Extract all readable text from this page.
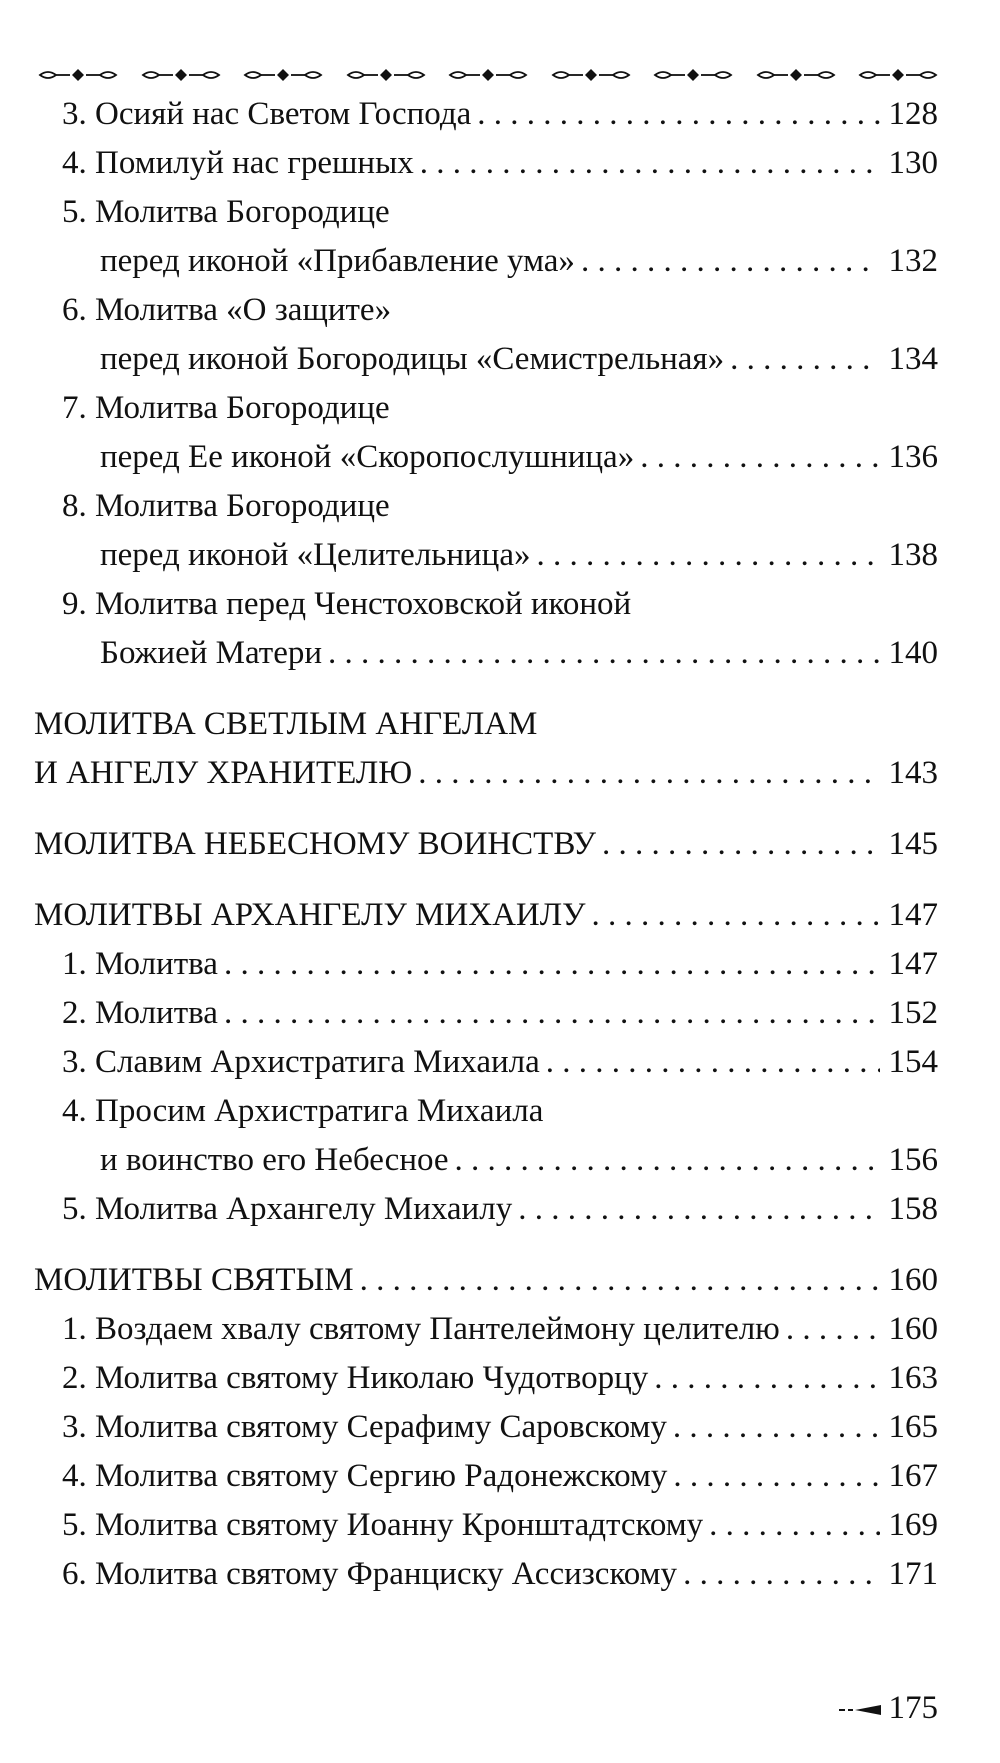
3. Осияй нас Светом Господа . . .	128
4. Помилуй нас грешных . . .	130
5. Молитва Богородице
перед иконой «Прибавление ума» . . .	132
6. Молитва «О защите»
перед иконой Богородицы «Семистрельная» . . .	134
7. Молитва Богородице
перед Ее иконой «Скоропослушница» . . .	136
8. Молитва Богородице
перед иконой «Целительница» . . .	138
9. Молитва перед Ченстоховской иконой
Божией Матери . . .	140
МОЛИТВА СВЕТЛЫМ АНГЕЛАМ
И АНГЕЛУ ХРАНИТЕЛЮ . . .	143
МОЛИТВА НЕБЕСНОМУ ВОИНСТВУ . . .	145
МОЛИТВЫ АРХАНГЕЛУ МИХАИЛУ . . .	147
1. Молитва . . .	147
2. Молитва . . .	152
3. Славим Архистратига Михаила . . .	154
4. Просим Архистратига Михаила
и воинство его Небесное . . .	156
5. Молитва Архангелу Михаилу . . .	158
МОЛИТВЫ СВЯТЫМ . . .	160
1. Воздаем хвалу святому Пантелеймону целителю . . .	160
2. Молитва святому Николаю Чудотворцу . . .	163
3. Молитва святому Серафиму Саровскому . . .	165
4. Молитва святому Сергию Радонежскому . . .	167
5. Молитва святому Иоанну Кронштадтскому . . .	169
6. Молитва святому Франциску Ассизскому . . .	171
175
